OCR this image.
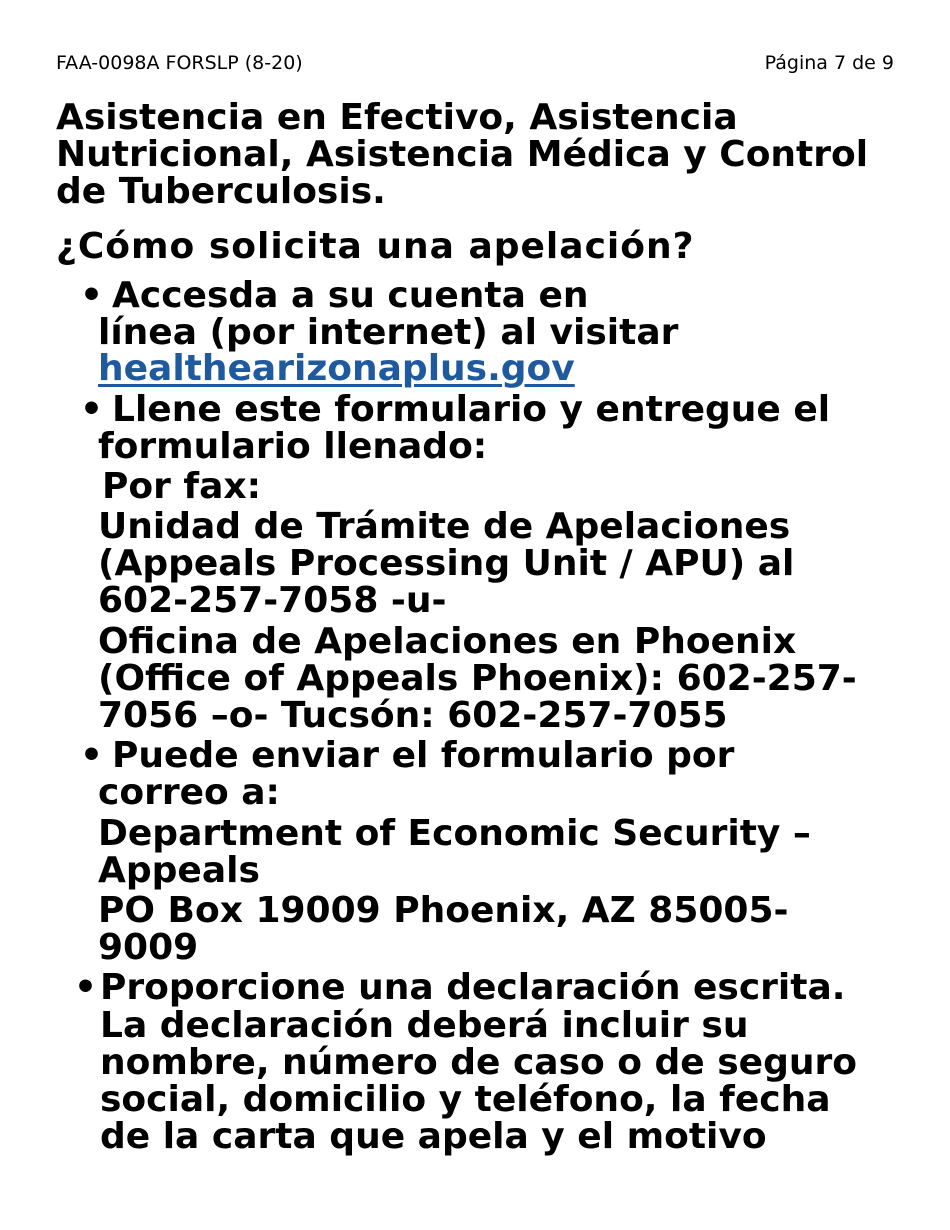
FAA-0098A FORSLP (8-20)	Página 7 de 9
Asistencia en Efectivo, Asistencia
Nutricional, Asistencia Médica y Control
de Tuberculosis.
¿Cómo solicita una apelación?
• Accesda a su cuenta en
línea (por internet) al visitar
healthearizonaplus.gov
• Llene este formulario y entregue el
formulario llenado:
Por fax:
Unidad de Trámite de Apelaciones
(Appeals Processing Unit / APU) al
602-257-7058 -u-
Oficina de Apelaciones en Phoenix
(Office of Appeals Phoenix): 602-257-
7056 –o- Tucsón: 602-257-7055
• Puede enviar el formulario por
correo a:
Department of Economic Security –
Appeals
PO Box 19009 Phoenix, AZ 85005-
9009
• Proporcione una declaración escrita.
La declaración deberá incluir su
nombre, número de caso o de seguro
social, domicilio y teléfono, la fecha
de la carta que apela y el motivo
